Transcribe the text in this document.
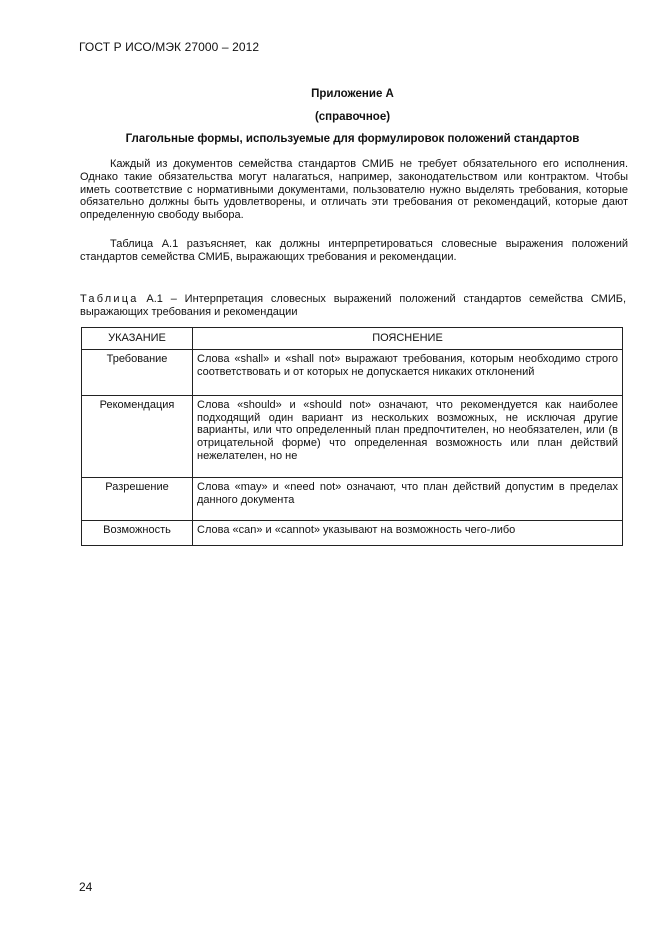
ГОСТ Р ИСО/МЭК 27000 – 2012
Приложение А
(справочное)
Глагольные формы, используемые для формулировок положений стандартов

Каждый из документов семейства стандартов СМИБ не требует обязательного его исполнения. Однако такие обязательства могут налагаться, например, законодательством или контрактом. Чтобы иметь соответствие с нормативными документами, пользователю нужно выделять требования, которые обязательно должны быть удовлетворены, и отличать эти требования от рекомендаций, которые дают определенную свободу выбора.

Таблица А.1 разъясняет, как должны интерпретироваться словесные выражения положений стандартов семейства СМИБ, выражающих требования и рекомендации.

Таблица А.1 – Интерпретация словесных выражений положений стандартов семейства СМИБ, выражающих требования и рекомендации

УКАЗАНИЕ	ПОЯСНЕНИЕ
Требование	Слова «shall» и «shall not» выражают требования, которым необходимо строго соответствовать и от которых не допускается никаких отклонений

Рекомендация	Слова «should» и «should not» означают, что рекомендуется как наиболее подходящий один вариант из нескольких возможных, не исключая другие варианты, или что определенный план предпочтителен, но необязателен, или (в отрицательной форме) что определенная возможность или план действий нежелателен, но не

Разрешение	Слова «may» и «need not» означают, что план действий допустим в пределах данного документа
Возможность	Слова «can» и «cannot» указывают на возможность чего-либо
24
